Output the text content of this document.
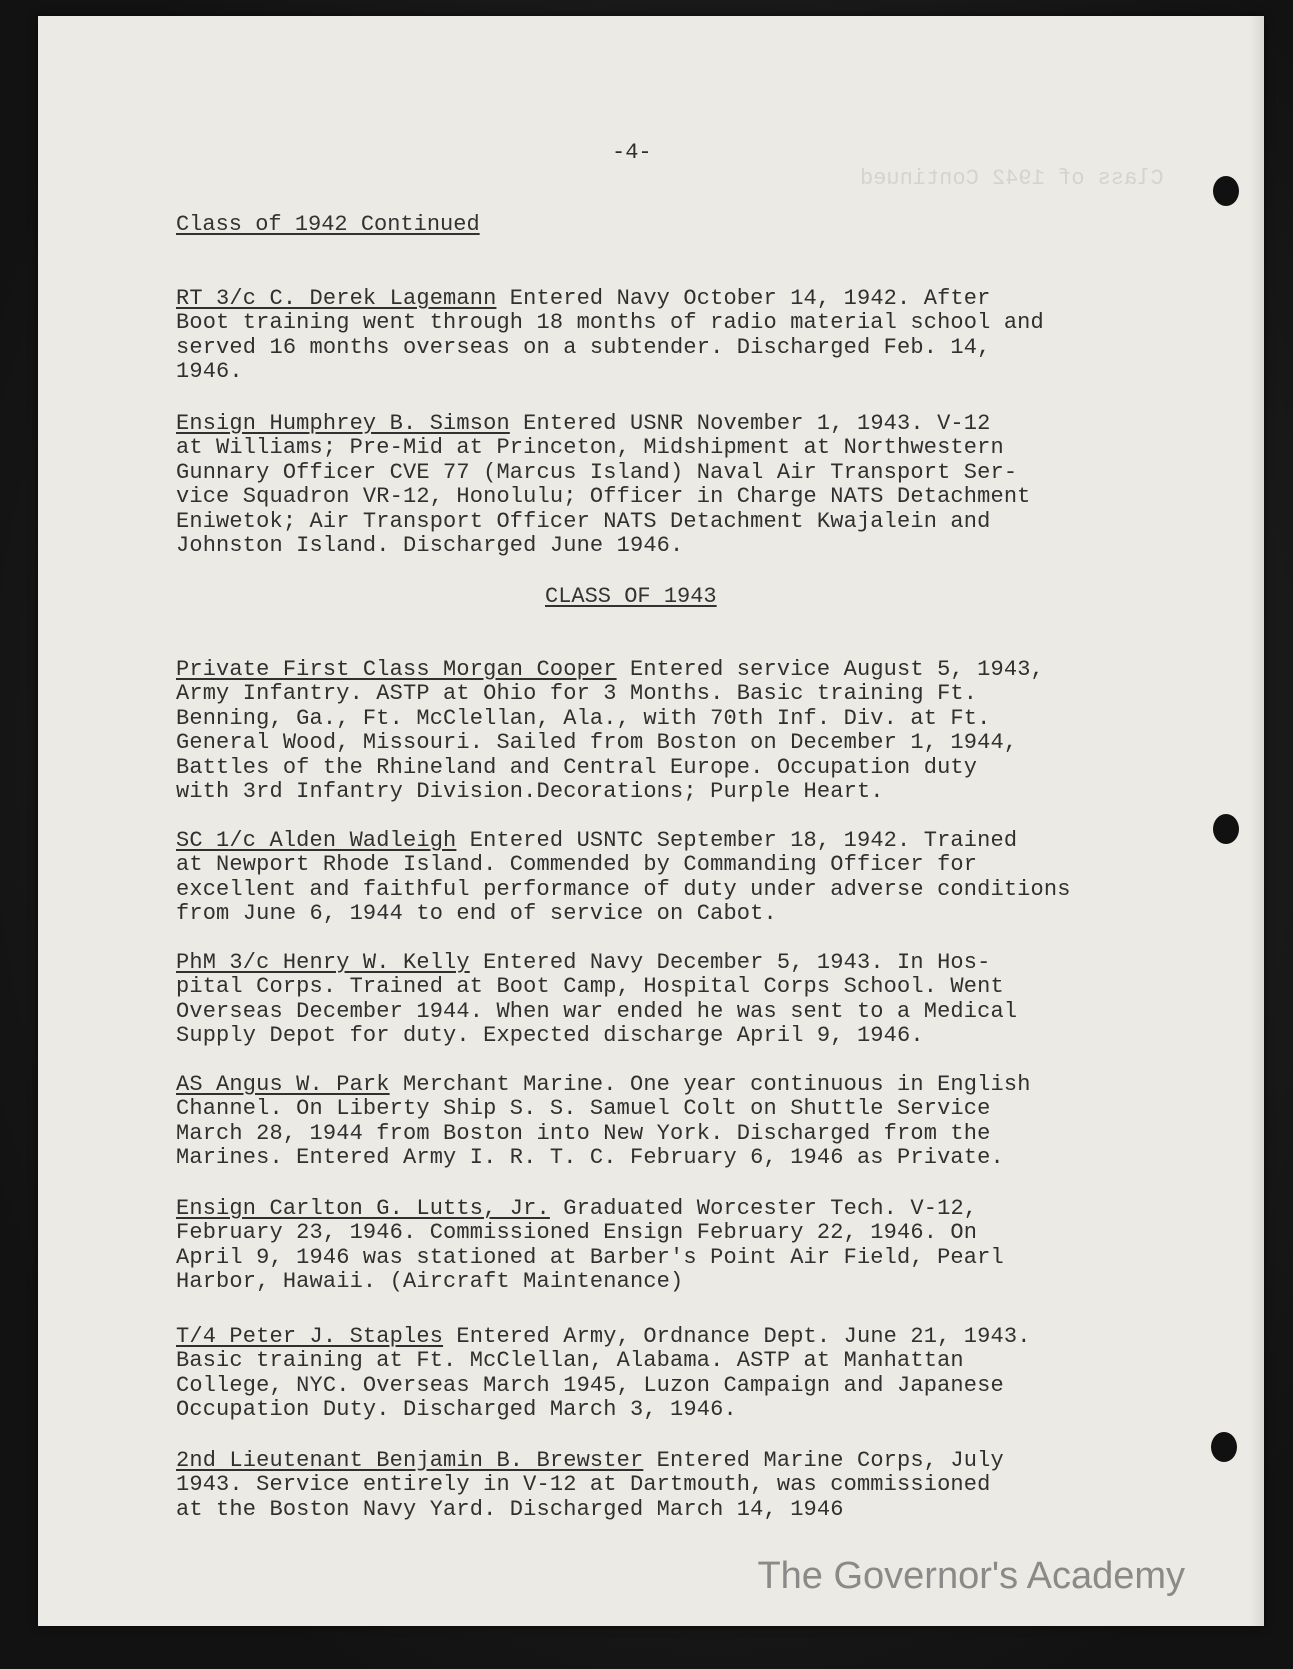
Class of 1942 Continued
-4-
Class of 1942 Continued

RT 3/c C. Derek Lagemann Entered Navy October 14, 1942. After
Boot training went through 18 months of radio material school and
served 16 months overseas on a subtender. Discharged Feb. 14,
1946.

Ensign Humphrey B. Simson Entered USNR November 1, 1943. V-12
at Williams; Pre-Mid at Princeton, Midshipment at Northwestern
Gunnary Officer CVE 77 (Marcus Island) Naval Air Transport Ser-
vice Squadron VR-12, Honolulu; Officer in Charge NATS Detachment
Eniwetok; Air Transport Officer NATS Detachment Kwajalein and
Johnston Island. Discharged June 1946.

CLASS OF 1943

Private First Class Morgan Cooper Entered service August 5, 1943,
Army Infantry. ASTP at Ohio for 3 Months. Basic training Ft.
Benning, Ga., Ft. McClellan, Ala., with 70th Inf. Div. at Ft.
General Wood, Missouri. Sailed from Boston on December 1, 1944,
Battles of the Rhineland and Central Europe. Occupation duty
with 3rd Infantry Division.Decorations; Purple Heart.

SC 1/c Alden Wadleigh Entered USNTC September 18, 1942. Trained
at Newport Rhode Island. Commended by Commanding Officer for
excellent and faithful performance of duty under adverse conditions
from June 6, 1944 to end of service on Cabot.

PhM 3/c Henry W. Kelly Entered Navy December 5, 1943. In Hos-
pital Corps. Trained at Boot Camp, Hospital Corps School. Went
Overseas December 1944. When war ended he was sent to a Medical
Supply Depot for duty. Expected discharge April 9, 1946.

AS Angus W. Park Merchant Marine. One year continuous in English
Channel. On Liberty Ship S. S. Samuel Colt on Shuttle Service
March 28, 1944 from Boston into New York. Discharged from the
Marines. Entered Army I. R. T. C. February 6, 1946 as Private.

Ensign Carlton G. Lutts, Jr. Graduated Worcester Tech. V-12,
February 23, 1946. Commissioned Ensign February 22, 1946. On
April 9, 1946 was stationed at Barber's Point Air Field, Pearl
Harbor, Hawaii. (Aircraft Maintenance)

T/4 Peter J. Staples Entered Army, Ordnance Dept. June 21, 1943.
Basic training at Ft. McClellan, Alabama. ASTP at Manhattan
College, NYC. Overseas March 1945, Luzon Campaign and Japanese
Occupation Duty. Discharged March 3, 1946.

2nd Lieutenant Benjamin B. Brewster Entered Marine Corps, July
1943. Service entirely in V-12 at Dartmouth, was commissioned
at the Boston Navy Yard. Discharged March 14, 1946

The Governor's Academy
